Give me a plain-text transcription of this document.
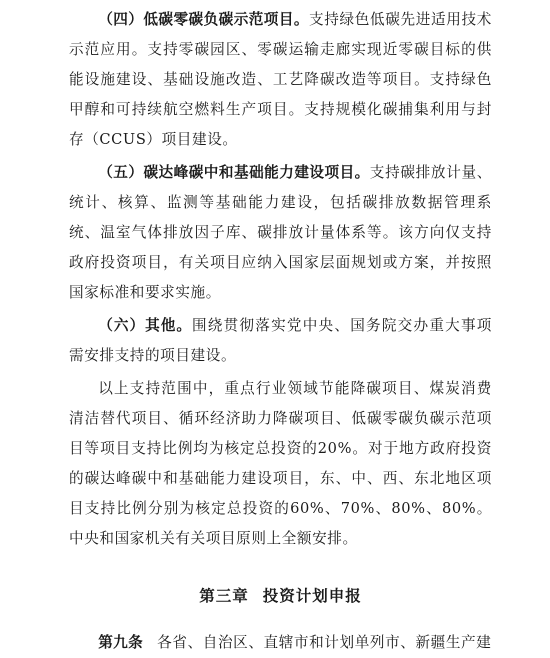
（四）低碳零碳负碳示范项目。支持绿色低碳先进适用技术示范应用。支持零碳园区、零碳运输走廊实现近零碳目标的供能设施建设、基础设施改造、工艺降碳改造等项目。支持绿色甲醇和可持续航空燃料生产项目。支持规模化碳捕集利用与封存（CCUS）项目建设。

（五）碳达峰碳中和基础能力建设项目。支持碳排放计量、统计、核算、监测等基础能力建设，包括碳排放数据管理系统、温室气体排放因子库、碳排放计量体系等。该方向仅支持政府投资项目，有关项目应纳入国家层面规划或方案，并按照国家标准和要求实施。

（六）其他。围绕贯彻落实党中央、国务院交办重大事项需安排支持的项目建设。

以上支持范围中，重点行业领域节能降碳项目、煤炭消费清洁替代项目、循环经济助力降碳项目、低碳零碳负碳示范项目等项目支持比例均为核定总投资的20%。对于地方政府投资的碳达峰碳中和基础能力建设项目，东、中、西、东北地区项目支持比例分别为核定总投资的60%、70%、80%、80%。中央和国家机关有关项目原则上全额安排。

第三章 投资计划申报

第九条 各省、自治区、直辖市和计划单列市、新疆生产建
